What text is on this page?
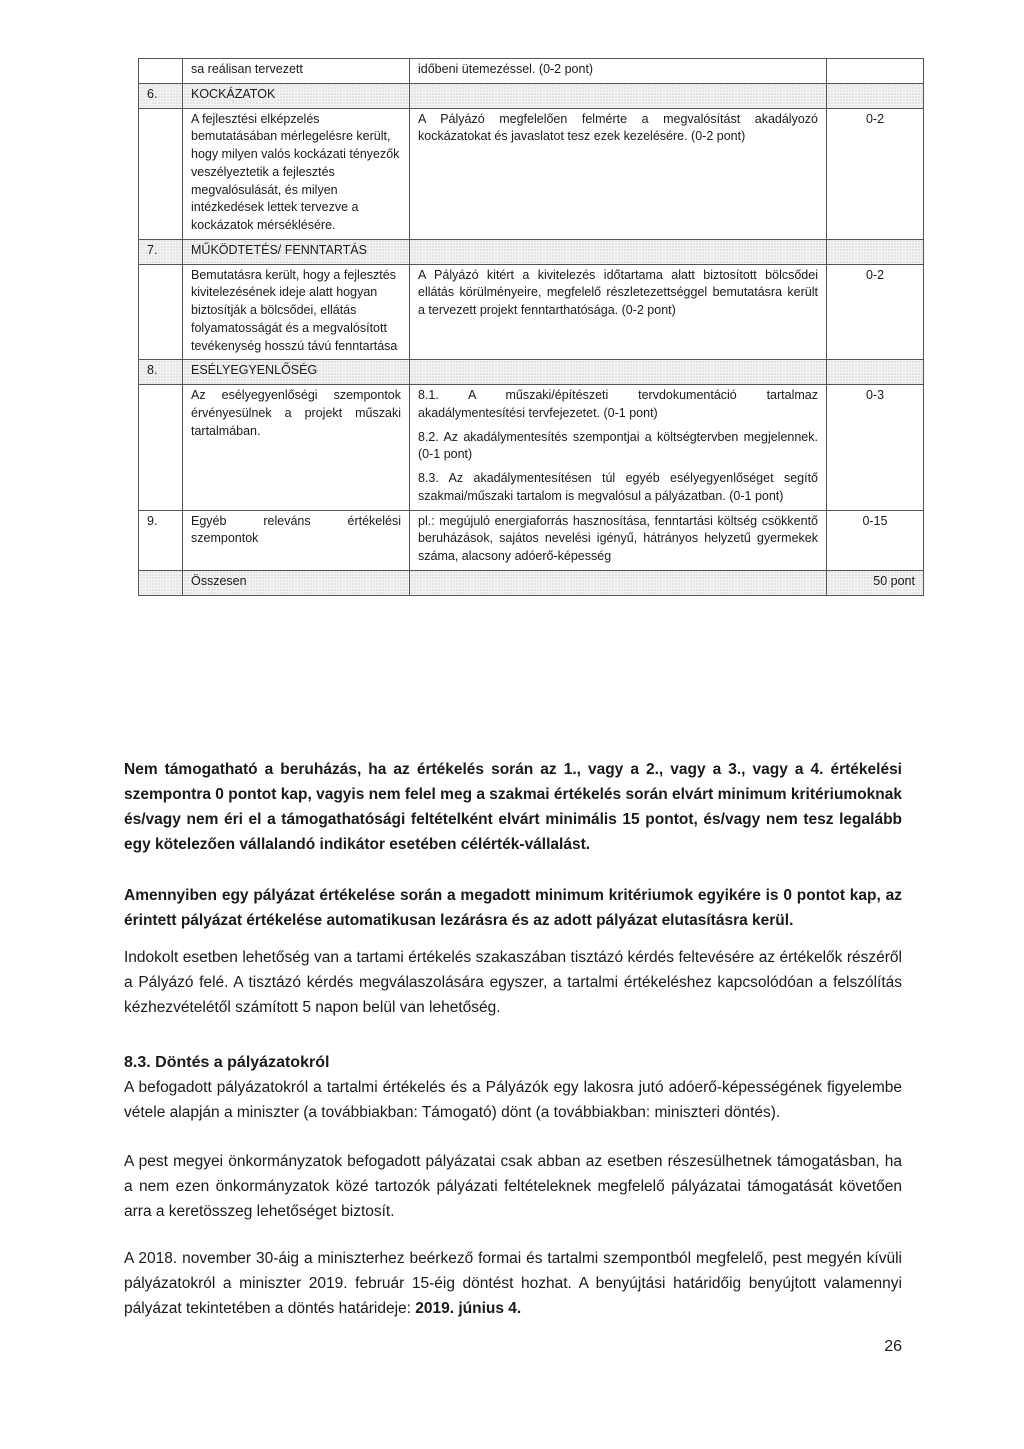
	sa reálisan tervezett	időbeni ütemezéssel. (0-2 pont)	
6.	KOCKÁZATOK		
	A fejlesztési elképzelés bemutatásában mérlegelésre került, hogy milyen valós kockázati tényezők veszélyeztetik a fejlesztés megvalósulását, és milyen intézkedések lettek tervezve a kockázatok mérséklésére.	A Pályázó megfelelően felmérte a megvalósítást akadályozó kockázatokat és javaslatot tesz ezek kezelésére. (0-2 pont)	0-2
7.	MŰKÖDTETÉS/ FENNTARTÁS		
	Bemutatásra került, hogy a fejlesztés kivitelezésének ideje alatt hogyan biztosítják a bölcsődei, ellátás folyamatosságát és a megvalósított tevékenység hosszú távú fenntartása	A Pályázó kitért a kivitelezés időtartama alatt biztosított bölcsődei ellátás körülményeire, megfelelő részletezettséggel bemutatásra került a tervezett projekt fenntarthatósága. (0-2 pont)	0-2
8.	ESÉLYEGYENLŐSÉG		
	Az esélyegyenlőségi szempontok érvényesülnek a projekt műszaki tartalmában.	8.1. A műszaki/építészeti tervdokumentáció tartalmaz akadálymentesítési tervfejezetet. (0-1 pont)

8.2. Az akadálymentesítés szempontjai a költségtervben megjelennek. (0-1 pont)

8.3. Az akadálymentesítésen túl egyéb esélyegyenlőséget segítő szakmai/műszaki tartalom is megvalósul a pályázatban. (0-1 pont)	0-3
9.	Egyéb releváns értékelési szempontok	pl.: megújuló energiaforrás hasznosítása, fenntartási költség csökkentő beruházások, sajátos nevelési igényű, hátrányos helyzetű gyermekek száma, alacsony adóerő-képesség	0-15
	Összesen		50 pont

Nem támogatható a beruházás, ha az értékelés során az 1., vagy a 2., vagy a 3., vagy a 4. értékelési szempontra 0 pontot kap, vagyis nem felel meg a szakmai értékelés során elvárt minimum kritériumoknak és/vagy nem éri el a támogathatósági feltételként elvárt minimális 15 pontot, és/vagy nem tesz legalább egy kötelezően vállalandó indikátor esetében célérték-vállalást.

Amennyiben egy pályázat értékelése során a megadott minimum kritériumok egyikére is 0 pontot kap, az érintett pályázat értékelése automatikusan lezárásra és az adott pályázat elutasításra kerül.

Indokolt esetben lehetőség van a tartami értékelés szakaszában tisztázó kérdés feltevésére az értékelők részéről a Pályázó felé. A tisztázó kérdés megválaszolására egyszer, a tartalmi értékeléshez kapcsolódóan a felszólítás kézhezvételétől számított 5 napon belül van lehetőség.

8.3. Döntés a pályázatokról

A befogadott pályázatokról a tartalmi értékelés és a Pályázók egy lakosra jutó adóerő-képességének figyelembe vétele alapján a miniszter (a továbbiakban: Támogató) dönt (a továbbiakban: miniszteri döntés).

A pest megyei önkormányzatok befogadott pályázatai csak abban az esetben részesülhetnek támogatásban, ha a nem ezen önkormányzatok közé tartozók pályázati feltételeknek megfelelő pályázatai támogatását követően arra a keretösszeg lehetőséget biztosít.

A 2018. november 30-áig a miniszterhez beérkező formai és tartalmi szempontból megfelelő, pest megyén kívüli pályázatokról a miniszter 2019. február 15-éig döntést hozhat. A benyújtási határidőig benyújtott valamennyi pályázat tekintetében a döntés határideje: 2019. június 4.

26
